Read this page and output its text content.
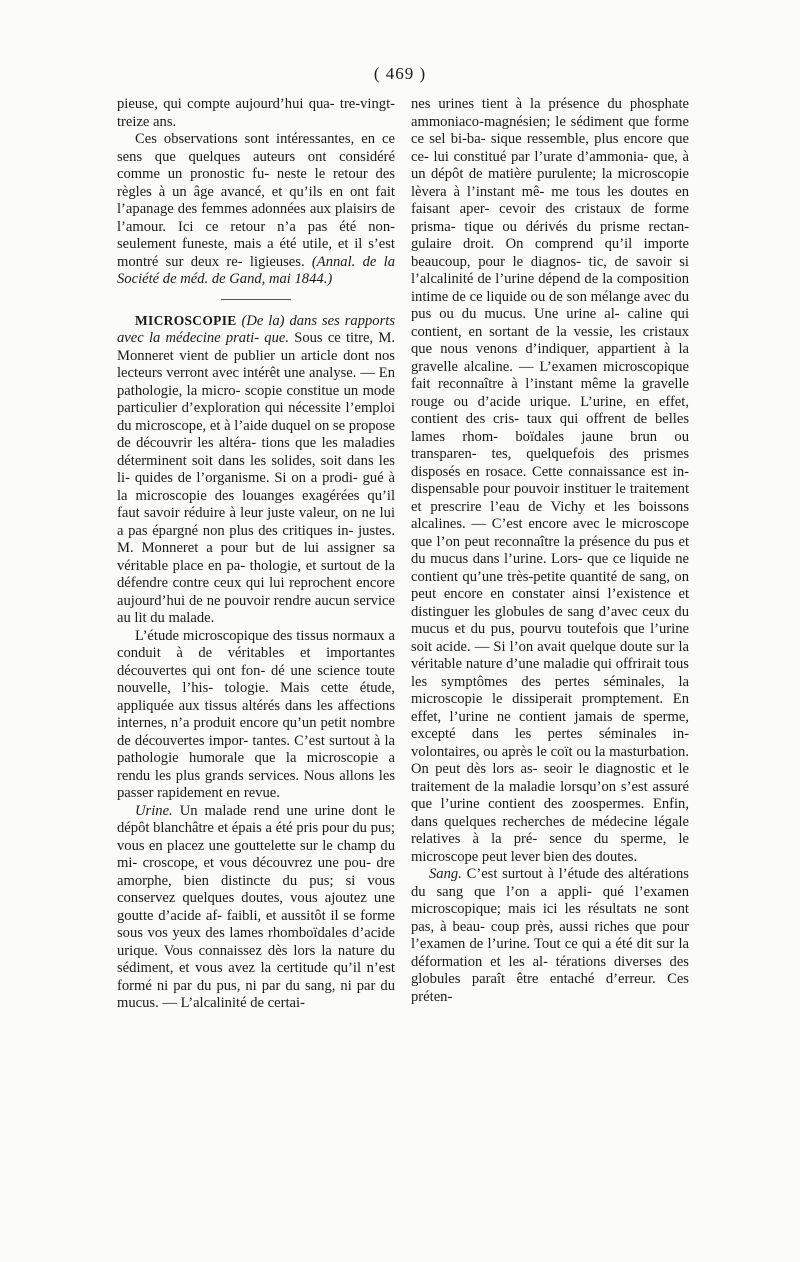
( 469 )

pieuse, qui compte aujourd’hui qua- tre-vingt-treize ans.

Ces observations sont intéressantes, en ce sens que quelques auteurs ont considéré comme un pronostic fu- neste le retour des règles à un âge avancé, et qu’ils en ont fait l’apanage des femmes adonnées aux plaisirs de l’amour. Ici ce retour n’a pas été non-seulement funeste, mais a été utile, et il s’est montré sur deux re- ligieuses. (Annal. de la Société de méd. de Gand, mai 1844.)

MICROSCOPIE (De la) dans ses rapports avec la médecine prati- que. Sous ce titre, M. Monneret vient de publier un article dont nos lecteurs verront avec intérêt une analyse. — En pathologie, la micro- scopie constitue un mode particulier d’exploration qui nécessite l’emploi du microscope, et à l’aide duquel on se propose de découvrir les altéra- tions que les maladies déterminent soit dans les solides, soit dans les li- quides de l’organisme. Si on a prodi- gué à la microscopie des louanges exagérées qu’il faut savoir réduire à leur juste valeur, on ne lui a pas épargné non plus des critiques in- justes. M. Monneret a pour but de lui assigner sa véritable place en pa- thologie, et surtout de la défendre contre ceux qui lui reprochent encore aujourd’hui de ne pouvoir rendre aucun service au lit du malade.

L’étude microscopique des tissus normaux a conduit à de véritables et importantes découvertes qui ont fon- dé une science toute nouvelle, l’his- tologie. Mais cette étude, appliquée aux tissus altérés dans les affections internes, n’a produit encore qu’un petit nombre de découvertes impor- tantes. C’est surtout à la pathologie humorale que la microscopie a rendu les plus grands services. Nous allons les passer rapidement en revue.

Urine. Un malade rend une urine dont le dépôt blanchâtre et épais a été pris pour du pus; vous en placez une gouttelette sur le champ du mi- croscope, et vous découvrez une pou- dre amorphe, bien distincte du pus; si vous conservez quelques doutes, vous ajoutez une goutte d’acide af- faibli, et aussitôt il se forme sous vos yeux des lames rhomboïdales d’acide urique. Vous connaissez dès lors la nature du sédiment, et vous avez la certitude qu’il n’est formé ni par du pus, ni par du sang, ni par du mucus. — L’alcalinité de certai-

nes urines tient à la présence du phosphate ammoniaco-magnésien; le sédiment que forme ce sel bi-ba- sique ressemble, plus encore que ce- lui constitué par l’urate d’ammonia- que, à un dépôt de matière purulente; la microscopie lèvera à l’instant mê- me tous les doutes en faisant aper- cevoir des cristaux de forme prisma- tique ou dérivés du prisme rectan- gulaire droit. On comprend qu’il importe beaucoup, pour le diagnos- tic, de savoir si l’alcalinité de l’urine dépend de la composition intime de ce liquide ou de son mélange avec du pus ou du mucus. Une urine al- caline qui contient, en sortant de la vessie, les cristaux que nous venons d’indiquer, appartient à la gravelle alcaline. — L’examen microscopique fait reconnaître à l’instant même la gravelle rouge ou d’acide urique. L’urine, en effet, contient des cris- taux qui offrent de belles lames rhom- boïdales jaune brun ou transparen- tes, quelquefois des prismes disposés en rosace. Cette connaissance est in- dispensable pour pouvoir instituer le traitement et prescrire l’eau de Vichy et les boissons alcalines. — C’est encore avec le microscope que l’on peut reconnaître la présence du pus et du mucus dans l’urine. Lors- que ce liquide ne contient qu’une très-petite quantité de sang, on peut encore en constater ainsi l’existence et distinguer les globules de sang d’avec ceux du mucus et du pus, pourvu toutefois que l’urine soit acide. — Si l’on avait quelque doute sur la véritable nature d’une maladie qui offrirait tous les symptômes des pertes séminales, la microscopie le dissiperait promptement. En effet, l’urine ne contient jamais de sperme, excepté dans les pertes séminales in- volontaires, ou après le coït ou la masturbation. On peut dès lors as- seoir le diagnostic et le traitement de la maladie lorsqu’on s’est assuré que l’urine contient des zoospermes. Enfin, dans quelques recherches de médecine légale relatives à la pré- sence du sperme, le microscope peut lever bien des doutes.

Sang. C’est surtout à l’étude des altérations du sang que l’on a appli- qué l’examen microscopique; mais ici les résultats ne sont pas, à beau- coup près, aussi riches que pour l’examen de l’urine. Tout ce qui a été dit sur la déformation et les al- térations diverses des globules paraît être entaché d’erreur. Ces préten-
